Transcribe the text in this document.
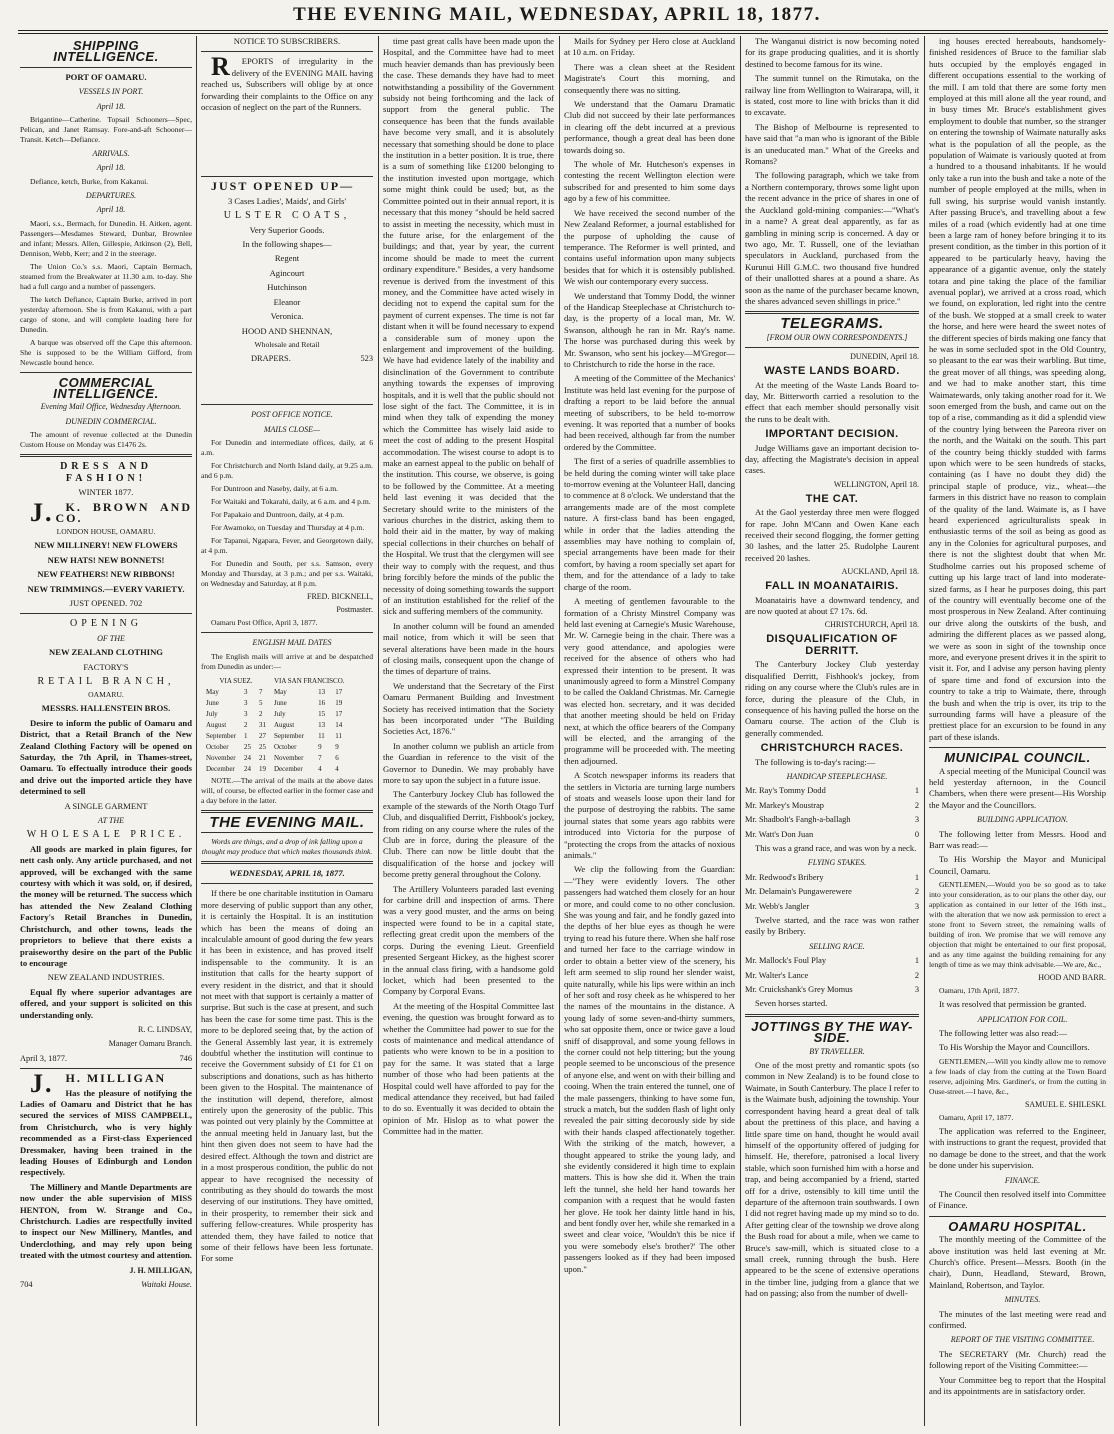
THE EVENING MAIL, WEDNESDAY, APRIL 18, 1877.
SHIPPING INTELLIGENCE.

PORT OF OAMARU.

VESSELS IN PORT.

April 18.

Brigantine—Catherine. Topsail Schooners—Spec, Pelican, and Janet Ramsay. Fore-and-aft Schooner—Transit. Ketch—Defiance.

ARRIVALS.

April 18.

Defiance, ketch, Burke, from Kakanui.

DEPARTURES.

April 18.

Maori, s.s., Bermach, for Dunedin. H. Aitken, agent. Passengers—Mesdames Steward, Dunbar, Brownlee and infant; Messrs. Allen, Gillespie, Atkinson (2), Bell, Dennison, Webb, Kerr; and 2 in the steerage.

The Union Co.'s s.s. Maori, Captain Bermach, steamed from the Breakwater at 11.30 a.m. to-day. She had a full cargo and a number of passengers.

The ketch Defiance, Captain Burke, arrived in port yesterday afternoon. She is from Kakanui, with a part cargo of stone, and will complete loading here for Dunedin.

A barque was observed off the Cape this afternoon. She is supposed to be the William Gifford, from Newcastle bound hence.

COMMERCIAL INTELLIGENCE.

Evening Mail Office, Wednesday Afternoon.

DUNEDIN COMMERCIAL.

The amount of revenue collected at the Dunedin Custom House on Monday was £1476 2s.

DRESS AND FASHION!

WINTER 1877.

J. K. BROWN AND CO.

LONDON HOUSE, OAMARU.

NEW MILLINERY! NEW FLOWERS

NEW HATS! NEW BONNETS!

NEW FEATHERS! NEW RIBBONS!

NEW TRIMMINGS.—EVERY VARIETY.

JUST OPENED. 702

OPENING

OF THE

NEW ZEALAND CLOTHING

FACTORY'S

RETAIL BRANCH,

OAMARU.

MESSRS. HALLENSTEIN BROS.

Desire to inform the public of Oamaru and District, that a Retail Branch of the New Zealand Clothing Factory will be opened on Saturday, the 7th April, in Thames-street, Oamaru. To effectually introduce their goods and drive out the imported article they have determined to sell

A SINGLE GARMENT

AT THE

WHOLESALE PRICE.

All goods are marked in plain figures, for nett cash only. Any article purchased, and not approved, will be exchanged with the same courtesy with which it was sold, or, if desired, the money will be returned. The success which has attended the New Zealand Clothing Factory's Retail Branches in Dunedin, Christchurch, and other towns, leads the proprietors to believe that there exists a praiseworthy desire on the part of the Public to encourage

NEW ZEALAND INDUSTRIES.

Equal fly where superior advantages are offered, and your support is solicited on this understanding only.

R. C. LINDSAY,

Manager Oamaru Branch.

April 3, 1877.	746

J. H. MILLIGAN

Has the pleasure of notifying the Ladies of Oamaru and District that he has secured the services of MISS CAMPBELL, from Christchurch, who is very highly recommended as a First-class Experienced Dressmaker, having been trained in the leading Houses of Edinburgh and London respectively.

The Millinery and Mantle Departments are now under the able supervision of MISS HENTON, from W. Strange and Co., Christchurch. Ladies are respectfully invited to inspect our New Millinery, Mantles, and Underclothing, and may rely upon being treated with the utmost courtesy and attention.

J. H. MILLIGAN,

704	Waitaki House.

NOTICE TO SUBSCRIBERS.

R EPORTS of irregularity in the delivery of the EVENING MAIL having reached us, Subscribers will oblige by at once forwarding their complaints to the Office on any occasion of neglect on the part of the Runners.

JUST OPENED UP—

3 Cases Ladies', Maids', and Girls'

ULSTER COATS,

Very Superior Goods.

In the following shapes—

Regent

Agincourt

Hutchinson

Eleanor

Veronica.

HOOD AND SHENNAN,

Wholesale and Retail

DRAPERS.	523

POST OFFICE NOTICE.

MAILS CLOSE—

For Dunedin and intermediate offices, daily, at 6 a.m.

For Christchurch and North Island daily, at 9.25 a.m. and 6 p.m.

For Duntroon and Naseby, daily, at 6 a.m.

For Waitaki and Tokarahi, daily, at 6 a.m. and 4 p.m.

For Papakaio and Duntroon, daily, at 4 p.m.

For Awamoko, on Tuesday and Thursday at 4 p.m.

For Tapanui, Ngapara, Fever, and Georgetown daily, at 4 p.m.

For Dunedin and South, per s.s. Samson, every Monday and Thursday, at 3 p.m.; and per s.s. Waitaki, on Wednesday and Saturday, at 8 p.m.

FRED. BICKNELL,

Postmaster.

Oamaru Post Office, April 3, 1877.

ENGLISH MAIL DATES

The English mails will arrive at and be despatched from Dunedin as under:—

VIA SUEZ.			VIA SAN FRANCISCO.		
May	3	7	May	13	17
June	3	5	June	16	19
July	3	2	July	15	17
August	2	31	August	13	14
September	1	27	September	11	11
October	25	25	October	9	9
November	24	21	November	7	6
December	24	19	December	4	4

NOTE.—The arrival of the mails at the above dates will, of course, be effected earlier in the former case and a day before in the latter.

THE EVENING MAIL.

Words are things, and a drop of ink falling upon a thought may produce that which makes thousands think.

WEDNESDAY, APRIL 18, 1877.

If there be one charitable institution in Oamaru more deserving of public support than any other, it is certainly the Hospital. It is an institution which has been the means of doing an incalculable amount of good during the few years it has been in existence, and has proved itself indispensable to the community. It is an institution that calls for the hearty support of every resident in the district, and that it should not meet with that support is certainly a matter of surprise. But such is the case at present, and such has been the case for some time past. This is the more to be deplored seeing that, by the action of the General Assembly last year, it is extremely doubtful whether the institution will continue to receive the Government subsidy of £1 for £1 on subscriptions and donations, such as has hitherto been given to the Hospital. The maintenance of the institution will depend, therefore, almost entirely upon the generosity of the public. This was pointed out very plainly by the Committee at the annual meeting held in January last, but the hint then given does not seem to have had the desired effect. Although the town and district are in a most prosperous condition, the public do not appear to have recognised the necessity of contributing as they should do towards the most deserving of our institutions. They have omitted, in their prosperity, to remember their sick and suffering fellow-creatures. While prosperity has attended them, they have failed to notice that some of their fellows have been less fortunate. For some

time past great calls have been made upon the Hospital, and the Committee have had to meet much heavier demands than has previously been the case. These demands they have had to meet notwithstanding a possibility of the Government subsidy not being forthcoming and the lack of support from the general public. The consequence has been that the funds available have become very small, and it is absolutely necessary that something should be done to place the institution in a better position. It is true, there is a sum of something like £1200 belonging to the institution invested upon mortgage, which some might think could be used; but, as the Committee pointed out in their annual report, it is necessary that this money "should be held sacred to assist in meeting the necessity, which must in the future arise, for the enlargement of the buildings; and that, year by year, the current income should be made to meet the current ordinary expenditure." Besides, a very handsome revenue is derived from the investment of this money, and the Committee have acted wisely in deciding not to expend the capital sum for the payment of current expenses. The time is not far distant when it will be found necessary to expend a considerable sum of money upon the enlargement and improvement of the building. We have had evidence lately of the inability and disinclination of the Government to contribute anything towards the expenses of improving hospitals, and it is well that the public should not lose sight of the fact. The Committee, it is in mind when they talk of expending the money which the Committee has wisely laid aside to meet the cost of adding to the present Hospital accommodation. The wisest course to adopt is to make an earnest appeal to the public on behalf of the institution. This course, we observe, is going to be followed by the Committee. At a meeting held last evening it was decided that the Secretary should write to the ministers of the various churches in the district, asking them to hold their aid in the matter, by way of making special collections in their churches on behalf of the Hospital. We trust that the clergymen will see their way to comply with the request, and thus bring forcibly before the minds of the public the necessity of doing something towards the support of an institution established for the relief of the sick and suffering members of the community.

In another column will be found an amended mail notice, from which it will be seen that several alterations have been made in the hours of closing mails, consequent upon the change of the times of departure of trains.

We understand that the Secretary of the First Oamaru Permanent Building and Investment Society has received intimation that the Society has been incorporated under "The Building Societies Act, 1876."

In another column we publish an article from the Guardian in reference to the visit of the Governor to Dunedin. We may probably have more to say upon the subject in a future issue.

The Canterbury Jockey Club has followed the example of the stewards of the North Otago Turf Club, and disqualified Derritt, Fishbook's jockey, from riding on any course where the rules of the Club are in force, during the pleasure of the Club. There can now be little doubt that the disqualification of the horse and jockey will become pretty general throughout the Colony.

The Artillery Volunteers paraded last evening for carbine drill and inspection of arms. There was a very good muster, and the arms on being inspected were found to be in a capital state, reflecting great credit upon the members of the corps. During the evening Lieut. Greenfield presented Sergeant Hickey, as the highest scorer in the annual class firing, with a handsome gold locket, which had been presented to the Company by Corporal Evans.

At the meeting of the Hospital Committee last evening, the question was brought forward as to whether the Committee had power to sue for the costs of maintenance and medical attendance of patients who were known to be in a position to pay for the same. It was stated that a large number of those who had been patients at the Hospital could well have afforded to pay for the medical attendance they received, but had failed to do so. Eventually it was decided to obtain the opinion of Mr. Hislop as to what power the Committee had in the matter.

Mails for Sydney per Hero close at Auckland at 10 a.m. on Friday.

There was a clean sheet at the Resident Magistrate's Court this morning, and consequently there was no sitting.

We understand that the Oamaru Dramatic Club did not succeed by their late performances in clearing off the debt incurred at a previous performance, though a great deal has been done towards doing so.

The whole of Mr. Hutcheson's expenses in contesting the recent Wellington election were subscribed for and presented to him some days ago by a few of his committee.

We have received the second number of the New Zealand Reformer, a journal established for the purpose of upholding the cause of temperance. The Reformer is well printed, and contains useful information upon many subjects besides that for which it is ostensibly published. We wish our contemporary every success.

We understand that Tommy Dodd, the winner of the Handicap Steeplechase at Christchurch to-day, is the property of a local man, Mr. W. Swanson, although he ran in Mr. Ray's name. The horse was purchased during this week by Mr. Swanson, who sent his jockey—M'Gregor—to Christchurch to ride the horse in the race.

A meeting of the Committee of the Mechanics' Institute was held last evening for the purpose of drafting a report to be laid before the annual meeting of subscribers, to be held to-morrow evening. It was reported that a number of books had been received, although far from the number ordered by the Committee.

The first of a series of quadrille assemblies to be held during the coming winter will take place to-morrow evening at the Volunteer Hall, dancing to commence at 8 o'clock. We understand that the arrangements made are of the most complete nature. A first-class band has been engaged, while in order that the ladies attending the assemblies may have nothing to complain of, special arrangements have been made for their comfort, by having a room specially set apart for them, and for the attendance of a lady to take charge of the room.

A meeting of gentlemen favourable to the formation of a Christy Minstrel Company was held last evening at Carnegie's Music Warehouse, Mr. W. Carnegie being in the chair. There was a very good attendance, and apologies were received for the absence of others who had expressed their intention to be present. It was unanimously agreed to form a Minstrel Company to be called the Oakland Christmas. Mr. Carnegie was elected hon. secretary, and it was decided that another meeting should be held on Friday next, at which the office bearers of the Company will be elected, and the arranging of the programme will be proceeded with. The meeting then adjourned.

A Scotch newspaper informs its readers that the settlers in Victoria are turning large numbers of stoats and weasels loose upon their land for the purpose of destroying the rabbits. The same journal states that some years ago rabbits were introduced into Victoria for the purpose of "protecting the crops from the attacks of noxious animals."

We clip the following from the Guardian:—"They were evidently lovers. The other passengers had watched them closely for an hour or more, and could come to no other conclusion. She was young and fair, and he fondly gazed into the depths of her blue eyes as though he were trying to read his future there. When she half rose and turned her face to the carriage window in order to obtain a better view of the scenery, his left arm seemed to slip round her slender waist, quite naturally, while his lips were within an inch of her soft and rosy cheek as he whispered to her the names of the mountains in the distance. A young lady of some seven-and-thirty summers, who sat opposite them, once or twice gave a loud sniff of disapproval, and some young fellows in the corner could not help tittering; but the young people seemed to be unconscious of the presence of anyone else, and went on with their billing and cooing. When the train entered the tunnel, one of the male passengers, thinking to have some fun, struck a match, but the sudden flash of light only revealed the pair sitting decorously side by side with their hands clasped affectionately together. With the striking of the match, however, a thought appeared to strike the young lady, and she evidently considered it high time to explain matters. This is how she did it. When the train left the tunnel, she held her hand towards her companion with a request that he would fasten her glove. He took her dainty little hand in his, and bent fondly over her, while she remarked in a sweet and clear voice, 'Wouldn't this be nice if you were somebody else's brother?' The other passengers looked as if they had been imposed upon."

The Wanganui district is now becoming noted for its grape producing qualities, and it is shortly destined to become famous for its wine.

The summit tunnel on the Rimutaka, on the railway line from Wellington to Wairarapa, will, it is stated, cost more to line with bricks than it did to excavate.

The Bishop of Melbourne is represented to have said that "a man who is ignorant of the Bible is an uneducated man." What of the Greeks and Romans?

The following paragraph, which we take from a Northern contemporary, throws some light upon the recent advance in the price of shares in one of the Auckland gold-mining companies:—"What's in a name? A great deal apparently, as far as gambling in mining scrip is concerned. A day or two ago, Mr. T. Russell, one of the leviathan speculators in Auckland, purchased from the Kurunui Hill G.M.C. two thousand five hundred of their unallotted shares at a pound a share. As soon as the name of the purchaser became known, the shares advanced seven shillings in price."

TELEGRAMS.

[FROM OUR OWN CORRESPONDENTS.]

DUNEDIN, April 18.

WASTE LANDS BOARD.

At the meeting of the Waste Lands Board to-day, Mr. Bitterworth carried a resolution to the effect that each member should personally visit the runs to be dealt with.

IMPORTANT DECISION.

Judge Williams gave an important decision to-day, affecting the Magistrate's decision in appeal cases.

WELLINGTON, April 18.

THE CAT.

At the Gaol yesterday three men were flogged for rape. John M'Cann and Owen Kane each received their second flogging, the former getting 30 lashes, and the latter 25. Rudolphe Laurent received 20 lashes.

AUCKLAND, April 18.

FALL IN MOANATAIRIS.

Moanatairis have a downward tendency, and are now quoted at about £7 17s. 6d.

CHRISTCHURCH, April 18.

DISQUALIFICATION OF DERRITT.

The Canterbury Jockey Club yesterday disqualified Derritt, Fishhook's jockey, from riding on any course where the Club's rules are in force, during the pleasure of the Club, in consequence of his having pulled the horse on the Oamaru course. The action of the Club is generally commended.

CHRISTCHURCH RACES.

The following is to-day's racing:—

HANDICAP STEEPLECHASE.

Mr. Ray's Tommy Dodd	1

Mr. Markey's Moustrap	2

Mr. Shadbolt's Fangh-a-ballagh	3

Mr. Watt's Don Juan	0

This was a grand race, and was won by a neck.

FLYING STAKES.

Mr. Redwood's Bribery	1

Mr. Delamain's Pungawerewere	2

Mr. Webb's Jangler	3

Twelve started, and the race was won rather easily by Bribery.

SELLING RACE.

Mr. Mallock's Foul Play	1

Mr. Walter's Lance	2

Mr. Cruickshank's Grey Momus	3

Seven horses started.

JOTTINGS BY THE WAY-SIDE.

BY TRAVELLER.

One of the most pretty and romantic spots (so common in New Zealand) is to be found close to Waimate, in South Canterbury. The place I refer to is the Waimate bush, adjoining the township. Your correspondent having heard a great deal of talk about the prettiness of this place, and having a little spare time on hand, thought he would avail himself of the opportunity offered of judging for himself. He, therefore, patronised a local livery stable, which soon furnished him with a horse and trap, and being accompanied by a friend, started off for a drive, ostensibly to kill time until the departure of the afternoon train southwards. I own I did not regret having made up my mind so to do. After getting clear of the township we drove along the Bush road for about a mile, when we came to Bruce's saw-mill, which is situated close to a small creek, running through the bush. Here appeared to be the scene of extensive operations in the timber line, judging from a glance that we had on passing; also from the number of dwell-

ing houses erected hereabouts, handsomely-finished residences of Bruce to the familiar slab huts occupied by the employés engaged in different occupations essential to the working of the mill. I am told that there are some forty men employed at this mill alone all the year round, and in busy times Mr. Bruce's establishment gives employment to double that number, so the stranger on entering the township of Waimate naturally asks what is the population of all the people, as the population of Waimate is variously quoted at from a hundred to a thousand inhabitants. If he would only take a run into the bush and take a note of the number of people employed at the mills, when in full swing, his surprise would vanish instantly. After passing Bruce's, and travelling about a few miles of a road (which evidently had at one time been a large ram of honey before bringing it to its present condition, as the timber in this portion of it appeared to be particularly heavy, having the appearance of a gigantic avenue, only the stately totara and pine taking the place of the familiar avenual poplar), we arrived at a cross road, which we found, on exploration, led right into the centre of the bush. We stopped at a small creek to water the horse, and here were heard the sweet notes of the different species of birds making one fancy that he was in some secluded spot in the Old Country, so pleasant to the ear was their warbling. But time, the great mover of all things, was speeding along, and we had to make another start, this time Waimatewards, only taking another road for it. We soon emerged from the bush, and came out on the top of a rise, commanding as it did a splendid view of the country lying between the Pareora river on the north, and the Waitaki on the south. This part of the country being thickly studded with farms upon which were to be seen hundreds of stacks, containing (as I have no doubt they did) the principal staple of produce, viz., wheat—the farmers in this district have no reason to complain of the quality of the land. Waimate is, as I have heard experienced agriculturalists speak in enthusiastic terms of the soil as being as good as any in the Colonies for agricultural purposes, and there is not the slightest doubt that when Mr. Studholme carries out his proposed scheme of cutting up his large tract of land into moderate-sized farms, as I hear he purposes doing, this part of the country will eventually become one of the most prosperous in New Zealand. After continuing our drive along the outskirts of the bush, and admiring the different places as we passed along, we were as soon in sight of the township once more, and everyone present drives it in the spirit to visit it. For, and I advise any person having plenty of spare time and fond of excursion into the country to take a trip to Waimate, there, through the bush and when the trip is over, its trip to the surrounding farms will have a pleasure of the prettiest place for an excursion to be found in any part of these islands.

MUNICIPAL COUNCIL.

A special meeting of the Municipal Council was held yesterday afternoon, in the Council Chambers, when there were present—His Worship the Mayor and the Councillors.

BUILDING APPLICATION.

The following letter from Messrs. Hood and Barr was read:—

To His Worship the Mayor and Municipal Council, Oamaru.

GENTLEMEN,—Would you be so good as to take into your consideration, as to our plans the other day, our application as contained in our letter of the 16th inst., with the alteration that we now ask permission to erect a stone front to Severn street, the remaining walls of building of iron. We promise that we will remove any objection that might be entertained to our first proposal, and as any time against the building remaining for any length of time as we may think advisable.—We are, &c.,

HOOD AND BARR.

Oamaru, 17th April, 1877.

It was resolved that permission be granted.

APPLICATION FOR COIL.

The following letter was also read:—

To His Worship the Mayor and Councillors.

GENTLEMEN,—Will you kindly allow me to remove a few loads of clay from the cutting at the Town Board reserve, adjoining Mrs. Gardiner's, or from the cutting in Ouse-street.—I have, &c.,

SAMUEL E. SHILESKI.

Oamaru, April 17, 1877.

The application was referred to the Engineer, with instructions to grant the request, provided that no damage be done to the street, and that the work be done under his supervision.

FINANCE.

The Council then resolved itself into Committee of Finance.

OAMARU HOSPITAL.

The monthly meeting of the Committee of the above institution was held last evening at Mr. Church's office. Present—Messrs. Booth (in the chair), Dunn, Headland, Steward, Brown, Mainland, Robertson, and Taylor.

MINUTES.

The minutes of the last meeting were read and confirmed.

REPORT OF THE VISITING COMMITTEE.

The SECRETARY (Mr. Church) read the following report of the Visiting Committee:—

Your Committee beg to report that the Hospital and its appointments are in satisfactory order.
